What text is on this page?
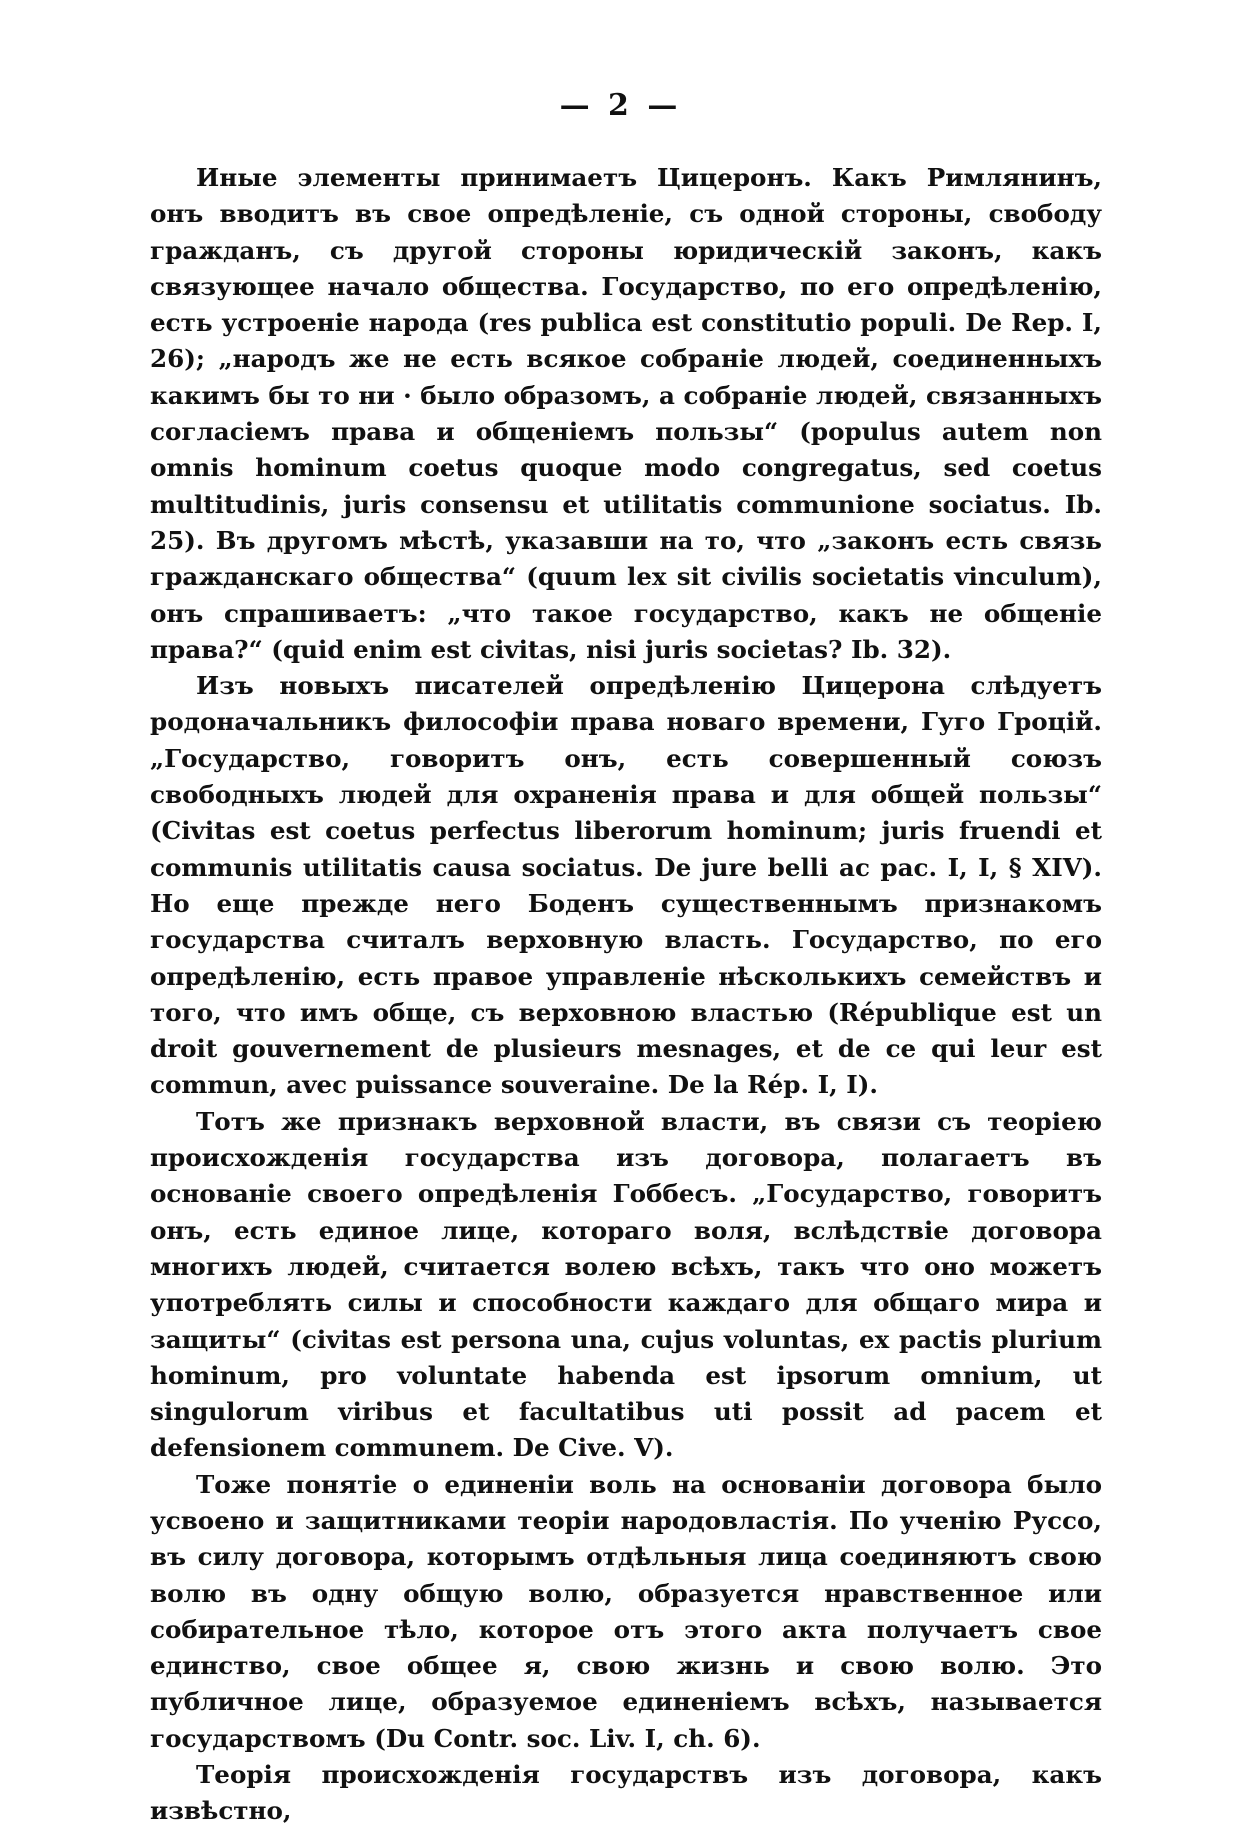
— 2 —

Иные элементы принимаетъ Цицеронъ. Какъ Римлянинъ, онъ вводитъ въ свое опредѣленіе, съ одной стороны, свободу гражданъ, съ другой стороны юридическій законъ, какъ связующее начало общества. Государство, по его опредѣленію, есть устроеніе народа (res publica est constitutio populi. De Rep. I, 26); „народъ же не есть всякое собраніе людей, соединенныхъ какимъ бы то ни · было образомъ, а собраніе людей, связанныхъ согласіемъ права и общеніемъ пользы“ (populus autem non omnis hominum coetus quoque modo congregatus, sed coetus multitudinis, juris consensu et utilitatis communione sociatus. Ib. 25). Въ другомъ мѣстѣ, указавши на то, что „законъ есть связь гражданскаго общества“ (quum lex sit civilis societatis vinculum), онъ спрашиваетъ: „что такое государство, какъ не общеніе права?“ (quid enim est civitas, nisi juris societas? Ib. 32).

Изъ новыхъ писателей опредѣленію Цицерона слѣдуетъ родоначальникъ философіи права новаго времени, Гуго Гроцій. „Государство, говоритъ онъ, есть совершенный союзъ свободныхъ людей для охраненія права и для общей пользы“ (Civitas est coetus perfectus liberorum hominum; juris fruendi et communis utilitatis causa sociatus. De jure belli ac pac. I, I, § XIV). Но еще прежде него Боденъ существеннымъ признакомъ государства считалъ верховную власть. Государство, по его опредѣленію, есть правое управленіе нѣсколькихъ семействъ и того, что имъ обще, съ верховною властью (République est un droit gouvernement de plusieurs mesnages, et de ce qui leur est commun, avec puissance souveraine. De la Rép. I, I).

Тотъ же признакъ верховной власти, въ связи съ теоріею происхожденія государства изъ договора, полагаетъ въ основаніе своего опредѣленія Гоббесъ. „Государство, говоритъ онъ, есть единое лице, котораго воля, вслѣдствіе договора многихъ людей, считается волею всѣхъ, такъ что оно можетъ употреблять силы и способности каждаго для общаго мира и защиты“ (civitas est persona una, cujus voluntas, ex pactis plurium hominum, pro voluntate habenda est ipsorum omnium, ut singulorum viribus et facultatibus uti possit ad pacem et defensionem communem. De Cive. V).

Тоже понятіе о единеніи воль на основаніи договора было усвоено и защитниками теоріи народовластія. По ученію Руссо, въ силу договора, которымъ отдѣльныя лица соединяютъ свою волю въ одну общую волю, образуется нравственное или собирательное тѣло, которое отъ этого акта получаетъ свое единство, свое общее я, свою жизнь и свою волю. Это публичное лице, образуемое единеніемъ всѣхъ, называется государствомъ (Du Contr. soc. Liv. I, ch. 6).

Теорія происхожденія государствъ изъ договора, какъ извѣстно,
